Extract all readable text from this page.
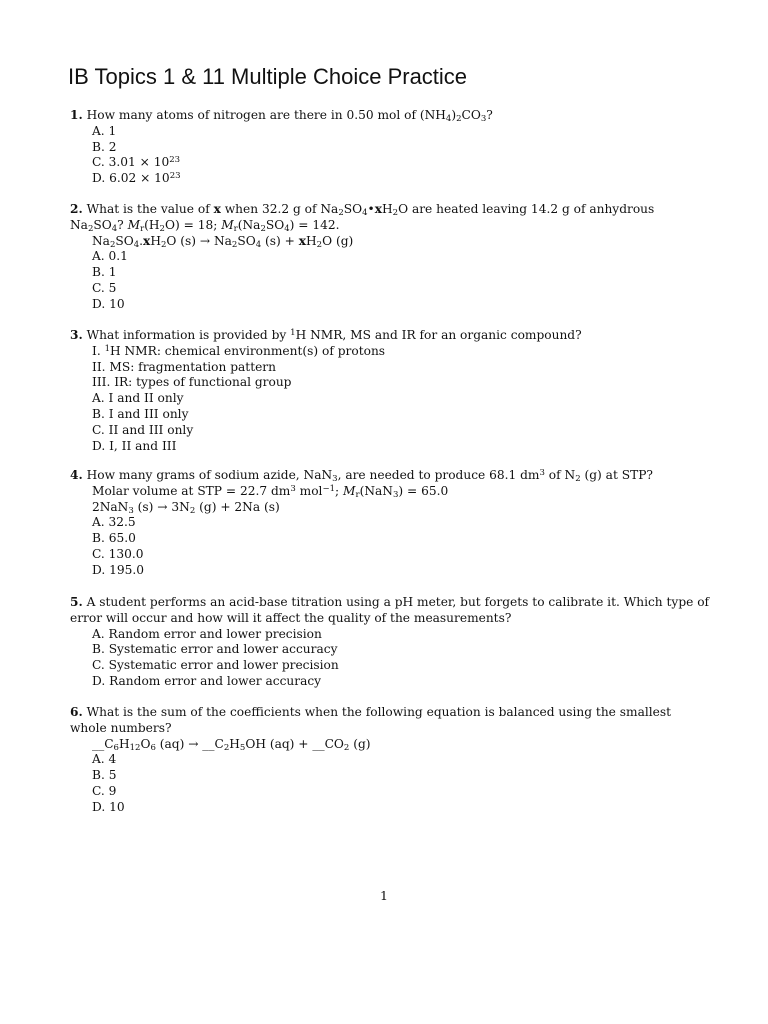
IB Topics 1 & 11 Multiple Choice Practice

1. How many atoms of nitrogen are there in 0.50 mol of $(NH_4)_2CO_3$?

A. 1
B. 2
C. $3.01 \times 10^{23}$
D. $6.02 \times 10^{23}$

2. What is the value of x when 32.2 g of $Na_2SO_4•xH_2O$ are heated leaving 14.2 g of anhydrous $Na_2SO_4$? $M_r(H_2O) = 18$; $M_r(Na_2SO_4) = 142$.

$Na_2SO_4.xH_2O$ $(s) \to Na_2SO_4$ $(s) + xH_2O$ (g)
A. 0.1
B. 1
C. 5
D. 10

3. What information is provided by $^1$H NMR, MS and IR for an organic compound?

I. $^1$H NMR: chemical environment(s) of protons
II. MS: fragmentation pattern
III. IR: types of functional group
A. I and II only
B. I and III only
C. II and III only
D. I, II and III

4. How many grams of sodium azide, NaN$_3$, are needed to produce 68.1 $dm^3$ of $N_2$ (g) at STP?

Molar volume at STP = 22.7 $dm^3$ mol$^{-1}$; $M_r(NaN_3) = 65.0$
2NaN$_3$ $(s) \to 3N_2$ (g) + 2Na (s)
A. 32.5
B. 65.0
C. 130.0
D. 195.0

5. A student performs an acid-base titration using a pH meter, but forgets to calibrate it. Which type of error will occur and how will it affect the quality of the measurements?

A. Random error and lower precision
B. Systematic error and lower accuracy
C. Systematic error and lower precision
D. Random error and lower accuracy

6. What is the sum of the coefficients when the following equation is balanced using the smallest whole numbers?

$\_\_C_6H_{12}O_6$ $(aq) \to \_\_C_2H_5OH$ $(aq) + \_\_CO_2$ (g)
A. 4
B. 5
C. 9
D. 10
1
